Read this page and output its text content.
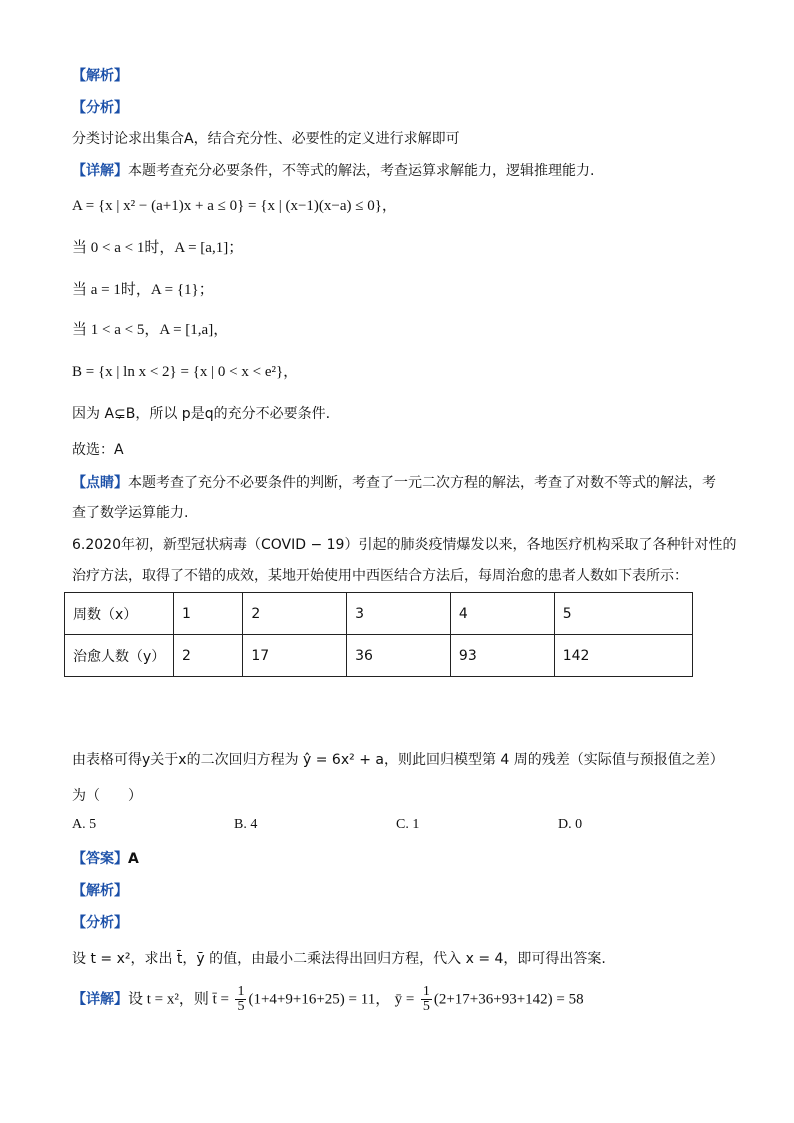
【解析】
【分析】
分类讨论求出集合A，结合充分性、必要性的定义进行求解即可
【详解】本题考查充分必要条件，不等式的解法，考查运算求解能力，逻辑推理能力.
A = {x | x² − (a+1)x + a ≤ 0} = {x | (x−1)(x−a) ≤ 0}，
当 0 < a < 1时，A = [a,1]；
当 a = 1时，A = {1}；
当 1 < a < 5，A = [1,a]，
B = {x | ln x < 2} = {x | 0 < x < e²}，
因为 A⊊B，所以 p是q的充分不必要条件.
故选：A
【点睛】本题考查了充分不必要条件的判断，考查了一元二次方程的解法，考查了对数不等式的解法，考
查了数学运算能力.
6.2020年初，新型冠状病毒（COVID − 19）引起的肺炎疫情爆发以来，各地医疗机构采取了各种针对性的
治疗方法，取得了不错的成效，某地开始使用中西医结合方法后，每周治愈的患者人数如下表所示：
周数（x）	1	2	3	4	5
治愈人数（y）	2	17	36	93	142
由表格可得y关于x的二次回归方程为 ŷ = 6x² + a，则此回归模型第 4 周的残差（实际值与预报值之差）
为（　　）
A. 5	B. 4	C. 1	D. 0
【答案】A
【解析】
【分析】
设 t = x²，求出 t̄，ȳ 的值，由最小二乘法得出回归方程，代入 x = 4，即可得出答案.
【详解】设 t = x²，则 t̄ = $\frac{1}{5} (1+4+9+16+25) = 11$， ȳ = $\frac{1}{5} (2+17+36+93+142) = 58$
